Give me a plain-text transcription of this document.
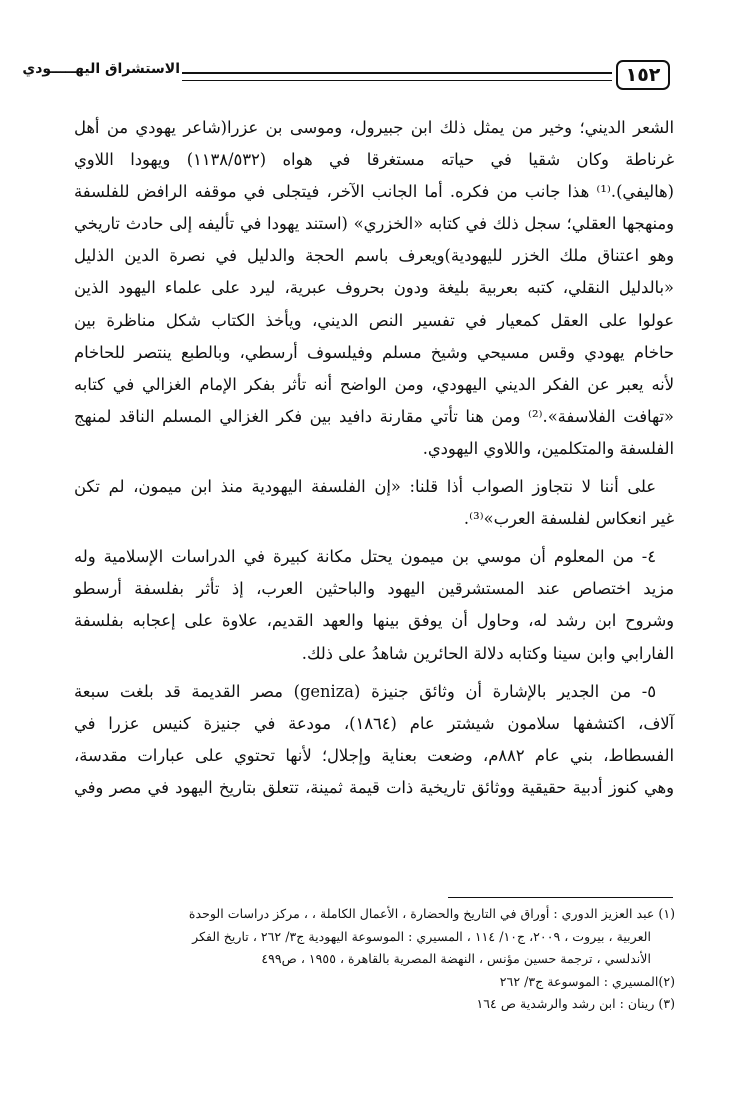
١٥٢
الاستشراق اليهـــــودي
الشعر الديني؛ وخير من يمثل ذلك ابن جبيرول، وموسى بن عزرا(شاعر يهودي من أهل
غرناطة وكان شقيا في حياته مستغرقا في هواه (١١٣٨/٥٣٢) ويهودا اللاوي
(هاليفي).⁽¹⁾ هذا جانب من فكره. أما الجانب الآخر، فيتجلى في موقفه الرافض للفلسفة
ومنهجها العقلي؛ سجل ذلك في كتابه «الخزري» (استند يهودا في تأليفه إلى حادث تاريخي
وهو اعتناق ملك الخزر لليهودية)ويعرف باسم الحجة والدليل في نصرة الدين الذليل
«بالدليل النقلي، كتبه بعربية بليغة ودون بحروف عبرية، ليرد على علماء اليهود الذين
عولوا على العقل كمعيار في تفسير النص الديني، ويأخذ الكتاب شكل مناظرة بين
حاخام يهودي وقس مسيحي وشيخ مسلم وفيلسوف أرسطي، وبالطبع ينتصر للحاخام
لأنه يعبر عن الفكر الديني اليهودي، ومن الواضح أنه تأثر بفكر الإمام الغزالي في كتابه
«تهافت الفلاسفة».⁽²⁾ ومن هنا تأتي مقارنة دافيد بين فكر الغزالي المسلم الناقد لمنهج
الفلسفة والمتكلمين، واللاوي اليهودي.
على أننا لا نتجاوز الصواب أذا قلنا: «إن الفلسفة اليهودية منذ ابن ميمون، لم تكن
غير انعكاس لفلسفة العرب»⁽³⁾.
٤- من المعلوم أن موسي بن ميمون يحتل مكانة كبيرة في الدراسات الإسلامية وله
مزيد اختصاص عند المستشرقين اليهود والباحثين العرب، إذ تأثر بفلسفة أرسطو
وشروح ابن رشد له، وحاول أن يوفق بينها والعهد القديم، علاوة على إعجابه بفلسفة
الفارابي وابن سينا وكتابه دلالة الحائرين شاهدُ على ذلك.
٥- من الجدير بالإشارة أن وثائق جنيزة (geniza) مصر القديمة قد بلغت سبعة
آلاف، اكتشفها سلامون شيشتر عام (١٨٦٤)، مودعة في جنيزة كنيس عزرا في
الفسطاط، بني عام ٨٨٢م، وضعت بعناية وإجلال؛ لأنها تحتوي على عبارات مقدسة،
وهي كنوز أدبية حقيقية ووثائق تاريخية ذات قيمة ثمينة، تتعلق بتاريخ اليهود في مصر وفي

(١) عبد العزيز الدوري : أوراق في التاريخ والحضارة ، الأعمال الكاملة ، ، مركز دراسات الوحدة

العربية ، بيروت ، ٢٠٠٩، ج١٠/ ١١٤ ، المسيري : الموسوعة اليهودية ج٣/ ٢٦٢ ، تاريخ الفكر

الأندلسي ، ترجمة حسين مؤنس ، النهضة المصرية بالقاهرة ، ١٩٥٥ ، ص٤٩٩

(٢)المسيري : الموسوعة ج٣/ ٢٦٢

(٣) رينان : ابن رشد والرشدية ص ١٦٤
